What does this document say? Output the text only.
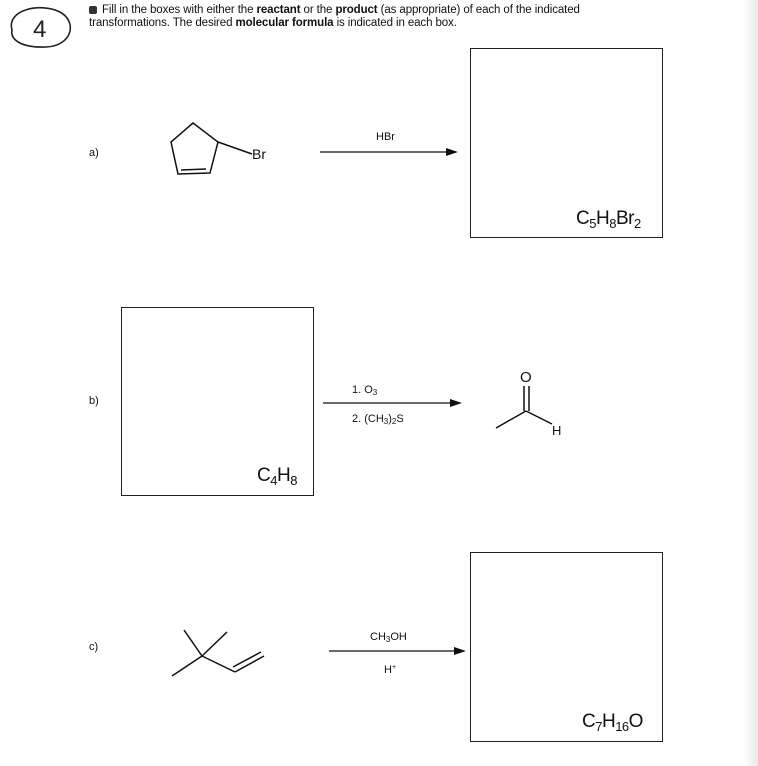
4
Fill in the boxes with either the reactant or the product (as appropriate) of each of the indicated
transformations. The desired molecular formula is indicated in each box.
a)
b)
c)
Br
O
H
HBr
1. $O_3$
2. $(CH_3)_2S$
$CH_3OH$
H+
$C_5H_8Br_2$
$C_4H_8$
$C_7H_{16}O$
